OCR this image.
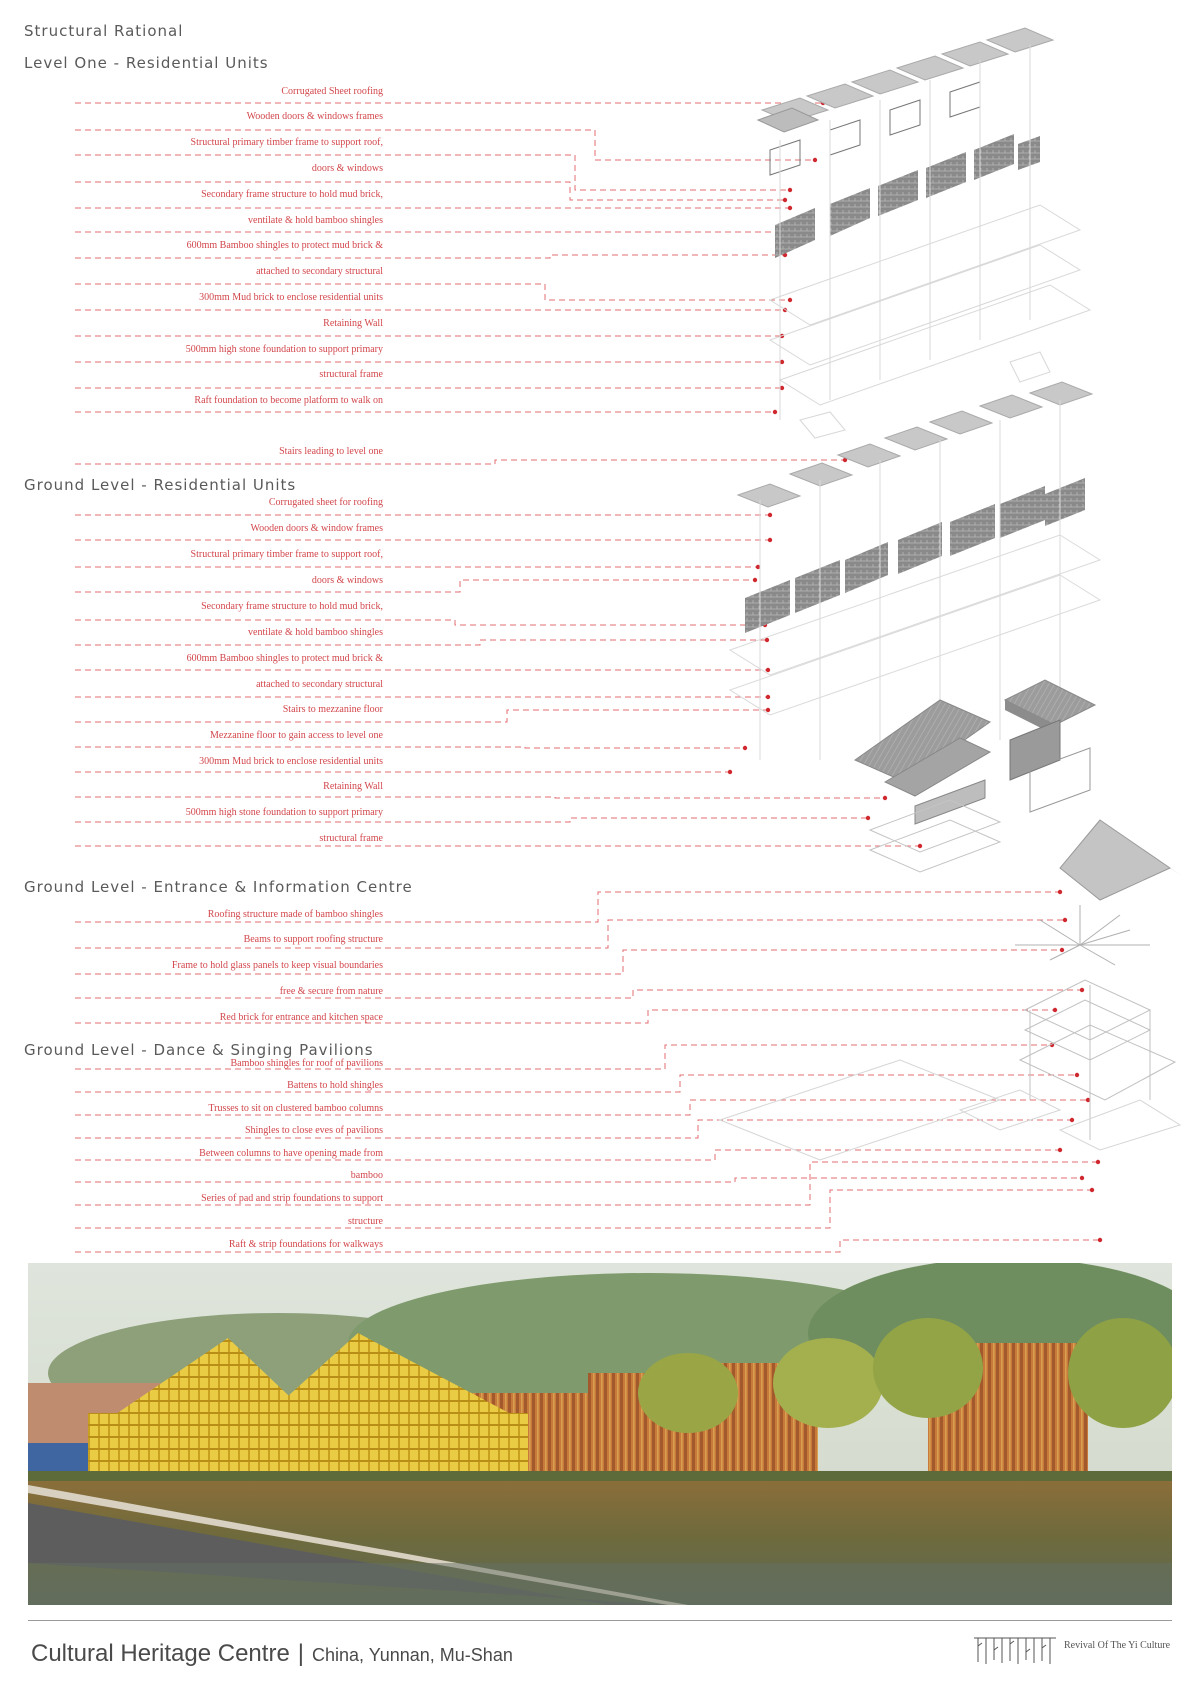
Structural Rational
Level One - Residential Units
Ground Level - Residential Units
Ground Level - Entrance & Information Centre
Ground Level - Dance & Singing Pavilions
Corrugated Sheet roofing
Wooden doors & windows frames
Structural primary timber frame to support roof,
doors & windows
Secondary frame structure to hold mud brick,
ventilate & hold bamboo shingles
600mm Bamboo shingles to protect mud brick &
attached to secondary structural
300mm Mud brick to enclose residential units
Retaining Wall
500mm high stone foundation to support primary
structural frame
Raft foundation to become platform to walk on
Stairs leading to level one
Corrugated sheet for roofing
Wooden doors & window frames
Structural primary timber frame to support roof,
doors & windows
Secondary frame structure to hold mud brick,
ventilate & hold bamboo shingles
600mm Bamboo shingles to protect mud brick &
attached to secondary structural
Stairs to mezzanine floor
Mezzanine floor to gain access to level one
300mm Mud brick to enclose residential units
Retaining Wall
500mm high stone foundation to support primary
structural frame
Roofing structure made of bamboo shingles
Beams to support roofing structure
Frame to hold glass panels to keep visual boundaries
free & secure from nature
Red brick for entrance and kitchen space
Bamboo shingles for roof of pavilions
Battens to hold shingles
Trusses to sit on clustered bamboo columns
Shingles to close eves of pavilions
Between columns to have opening made from
bamboo
Series of pad and strip foundations to support
structure
Raft & strip foundations for walkways
Cultural Heritage Centre | China, Yunnan, Mu-Shan	Revival Of The Yi Culture
